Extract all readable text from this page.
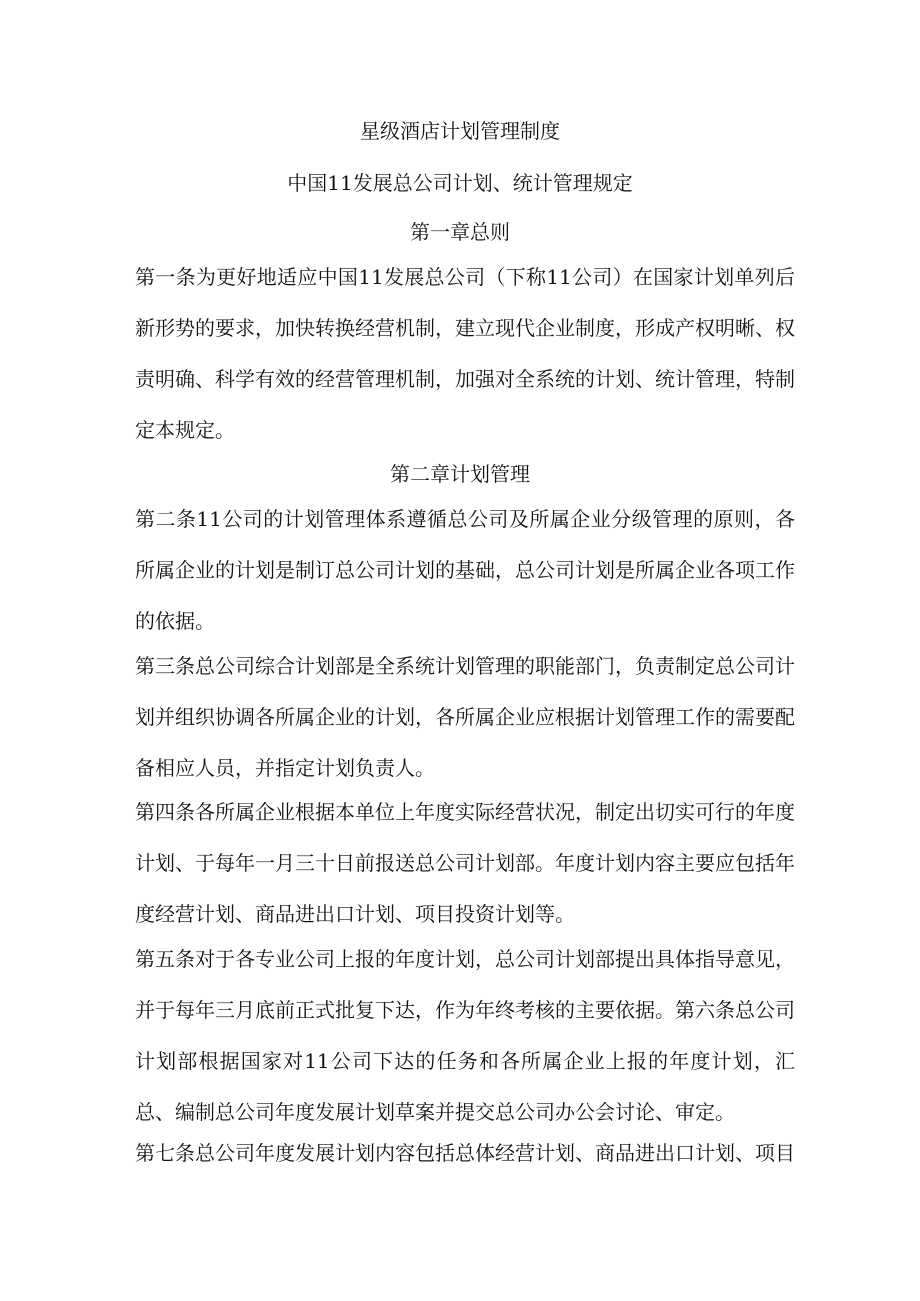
星级酒店计划管理制度
中国11发展总公司计划、统计管理规定
第一章总则
第一条为更好地适应中国11发展总公司（下称11公司）在国家计划单列后新形势的要求，加快转换经营机制，建立现代企业制度，形成产权明晰、权责明确、科学有效的经营管理机制，加强对全系统的计划、统计管理，特制定本规定。
第二章计划管理
第二条11公司的计划管理体系遵循总公司及所属企业分级管理的原则，各所属企业的计划是制订总公司计划的基础，总公司计划是所属企业各项工作的依据。
第三条总公司综合计划部是全系统计划管理的职能部门，负责制定总公司计划并组织协调各所属企业的计划，各所属企业应根据计划管理工作的需要配备相应人员，并指定计划负责人。
第四条各所属企业根据本单位上年度实际经营状况，制定出切实可行的年度计划、于每年一月三十日前报送总公司计划部。年度计划内容主要应包括年度经营计划、商品进出口计划、项目投资计划等。
第五条对于各专业公司上报的年度计划，总公司计划部提出具体指导意见，并于每年三月底前正式批复下达，作为年终考核的主要依据。第六条总公司计划部根据国家对11公司下达的任务和各所属企业上报的年度计划，汇总、编制总公司年度发展计划草案并提交总公司办公会讨论、审定。
第七条总公司年度发展计划内容包括总体经营计划、商品进出口计划、项目
